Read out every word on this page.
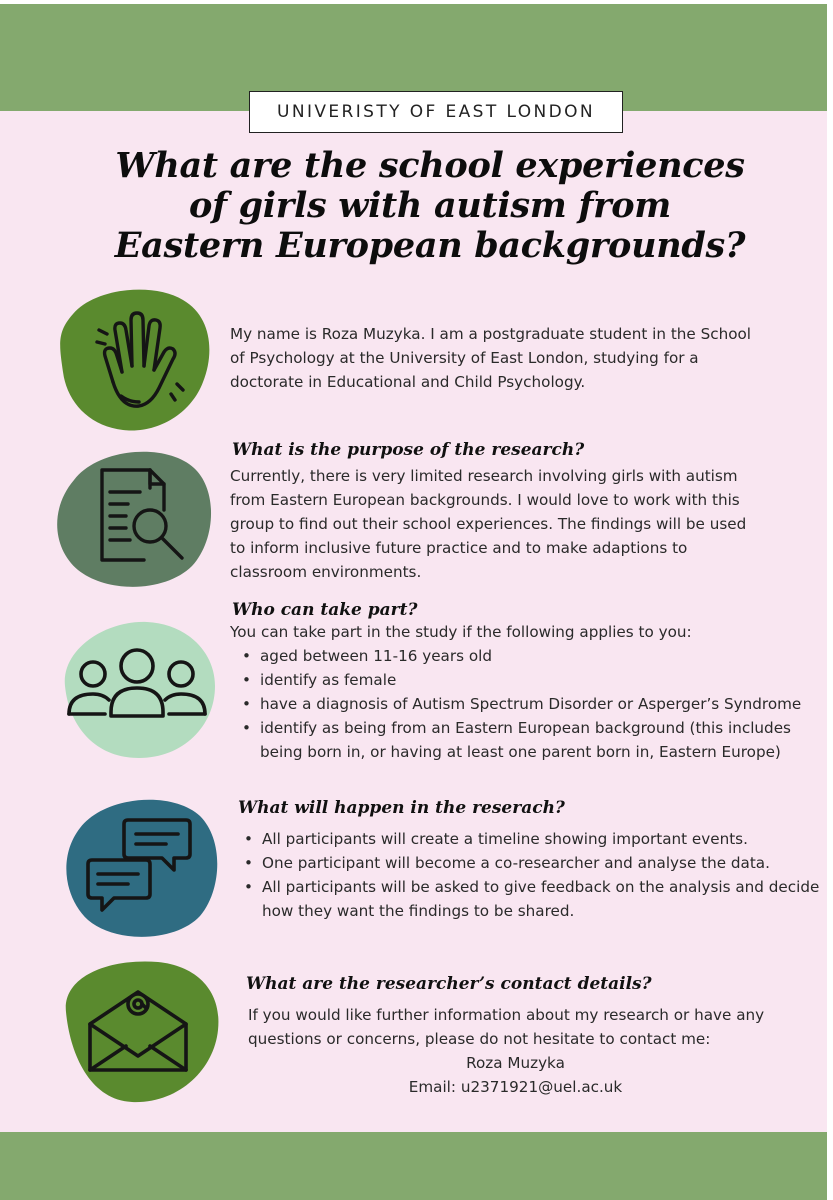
UNIVERISTY OF EAST LONDON
What are the school experiences
of girls with autism from
Eastern European backgrounds?
My name is Roza Muzyka. I am a postgraduate student in the School
of Psychology at the University of East London, studying for a
doctorate in Educational and Child Psychology.
What is the purpose of the research?
Currently, there is very limited research involving girls with autism
from Eastern European backgrounds. I would love to work with this
group to find out their school experiences. The findings will be used
to inform inclusive future practice and to make adaptions to
classroom environments.
Who can take part?
You can take part in the study if the following applies to you:
• aged between 11-16 years old
• identify as female
• have a diagnosis of Autism Spectrum Disorder or Asperger’s Syndrome
• identify as being from an Eastern European background (this includes being born in, or having at least one parent born in, Eastern Europe)
What will happen in the reserach?
• All participants will create a timeline showing important events.
• One participant will become a co-researcher and analyse the data.
• All participants will be asked to give feedback on the analysis and decide how they want the findings to be shared.
What are the researcher’s contact details?
If you would like further information about my research or have any
questions or concerns, please do not hesitate to contact me:
Roza Muzyka
Email: u2371921@uel.ac.uk
